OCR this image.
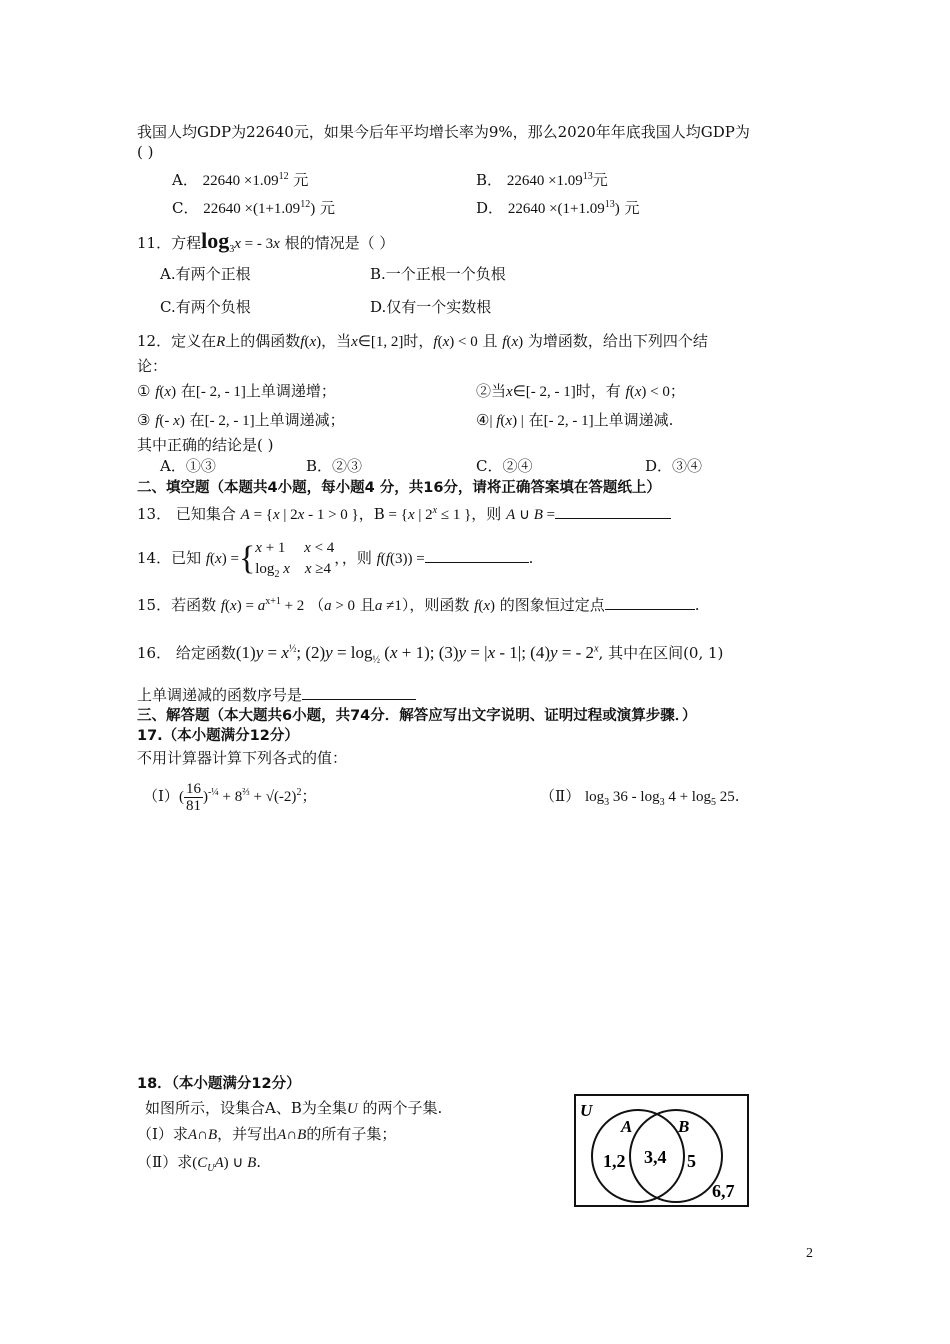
我国人均GDP为22640元，如果今后年平均增长率为9%，那么2020年年底我国人均GDP为
( )
A． $22640 \times 1.09^{12}$ 元	B． $22640 \times 1.09^{13}$元
C． $22640 \times(1+1.09^{12})$ 元	D． $22640 \times(1+1.09^{13})$ 元
11．方程$\log_3x$ = - 3x 根的情况是（ ）
A.有两个正根	B.一个正根一个负根
C.有两个负根	D.仅有一个实数根
12．定义在R上的偶函数f(x)，当x∈[1, 2]时，f(x) < 0 且 f(x) 为增函数，给出下列四个结
论：
① f(x) 在[- 2, - 1]上单调递增；	②当x∈[- 2, - 1]时，有 f(x) < 0；
③ f(- x) 在[- 2, - 1]上单调递减；	④| f(x) | 在[- 2, - 1]上单调递减.
其中正确的结论是( )
A．①③	B．②③	C．②④	D．③④
二、填空题（本题共4小题，每小题4 分，共16分，请将正确答案填在答题纸上）
13． 已知集合 A = {x | 2x - 1 > 0 }，B = {x | $2^x \le 1$ }，则 A ∪ B =
14．已知 f(x) ={ x + 1     x < 4
$\log_2 x$ x ≥4
，，则 f(f(3)) =	.
15．若函数 $f(x) = a^{x+1} + 2$ （a > 0 且a ≠1），则函数 f(x) 的图象恒过定点	.
16． 给定函数$(1)y = x^{\frac{1}{2}}$; $(2)y = \log_{\frac{1}{2}} (x + 1)$; (3)y = |x - 1|; (4)y = - 2$^x$, 其中在区间(0, 1)
上单调递减的函数序号是
三、解答题（本大题共6小题，共74分．解答应写出文字说明、证明过程或演算步骤．）
17.（本小题满分12分）
不用计算器计算下列各式的值：
（Ⅰ）( $\frac{16}{81} )^{-\frac{1}{4}} + 8^{\frac{2}{3}} + √(-2)^2$；	（Ⅱ） $\log_3 36 - \log_3 4 + \log_5 25$.
18．（本小题满分12分）
如图所示，设集合A、B为全集U 的两个子集.
（Ⅰ）求A∩B，并写出A∩B的所有子集；
（Ⅱ）求$(C_UA)$ ∪ B.
U
A	B
1,2 3,4 5
6,7
2
